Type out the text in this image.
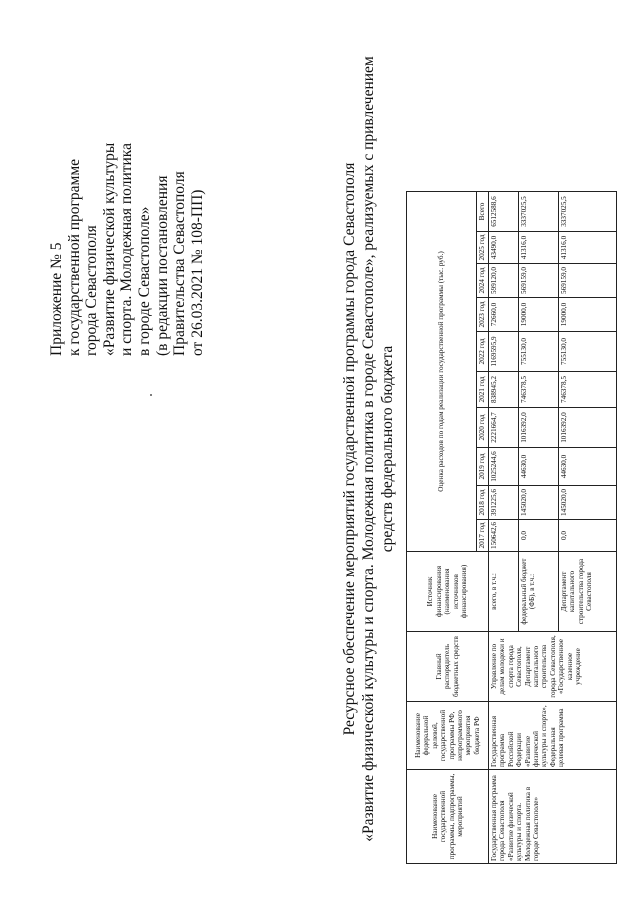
Приложение № 5 к государственной программе города Севастополя «Развитие физической культуры и спорта. Молодежная политика в городе Севастополе» (в редакции постановления Правительства Севастополя от 26.03.2021 № 108-ПП)	Ресурсное обеспечение мероприятий государственной программы города Севастополя «Развитие физической культуры и спорта. Молодежная политика в городе Севастополе», реализуемых с привлечением средств федерального бюджета
Наименование государственной программы, подпрограммы, мероприятий	Наименование федеральной целевой, государственной программы РФ, непрограммного мероприятия бюджета РФ	Главный распорядитель бюджетных средств	Источник финансирования (наименования источников финансирования)	Оценка расходов по годам реализации государственной программы (тыс. руб.)									
				2017 год	2018 год	2019 год	2020 год	2021 год	2022 год	2023 год	2024 год	2025 год	Всего
Государственная программа города Севастополя «Развитие физической культуры и спорта. Молодежная политика в городе Севастополе»	Государственная программа Российской Федерации «Развитие физической культуры и спорта», Федеральная целевая программа	Управление по делам молодежи и спорта города Севастополя, Департамент капитального строительства города Севастополя, «Государственное казенное учреждение	всего, в т.ч.:	150642,6	391225,6	1025244,6	2221664,7	838945,2	1169595,9	72660,0	599120,0	43490,0	6512588,6
			федеральный бюджет (ФБ), в т.ч.:	0,0	145020,0	44630,0	1016392,0	746378,5	755130,0	19000,0	569159,0	41316,0	3337025,5
			Департамент капитального строительства города Севастополя	0,0	145020,0	44630,0	1016392,0	746378,5	755130,0	19000,0	569159,0	41316,0	3337025,5
